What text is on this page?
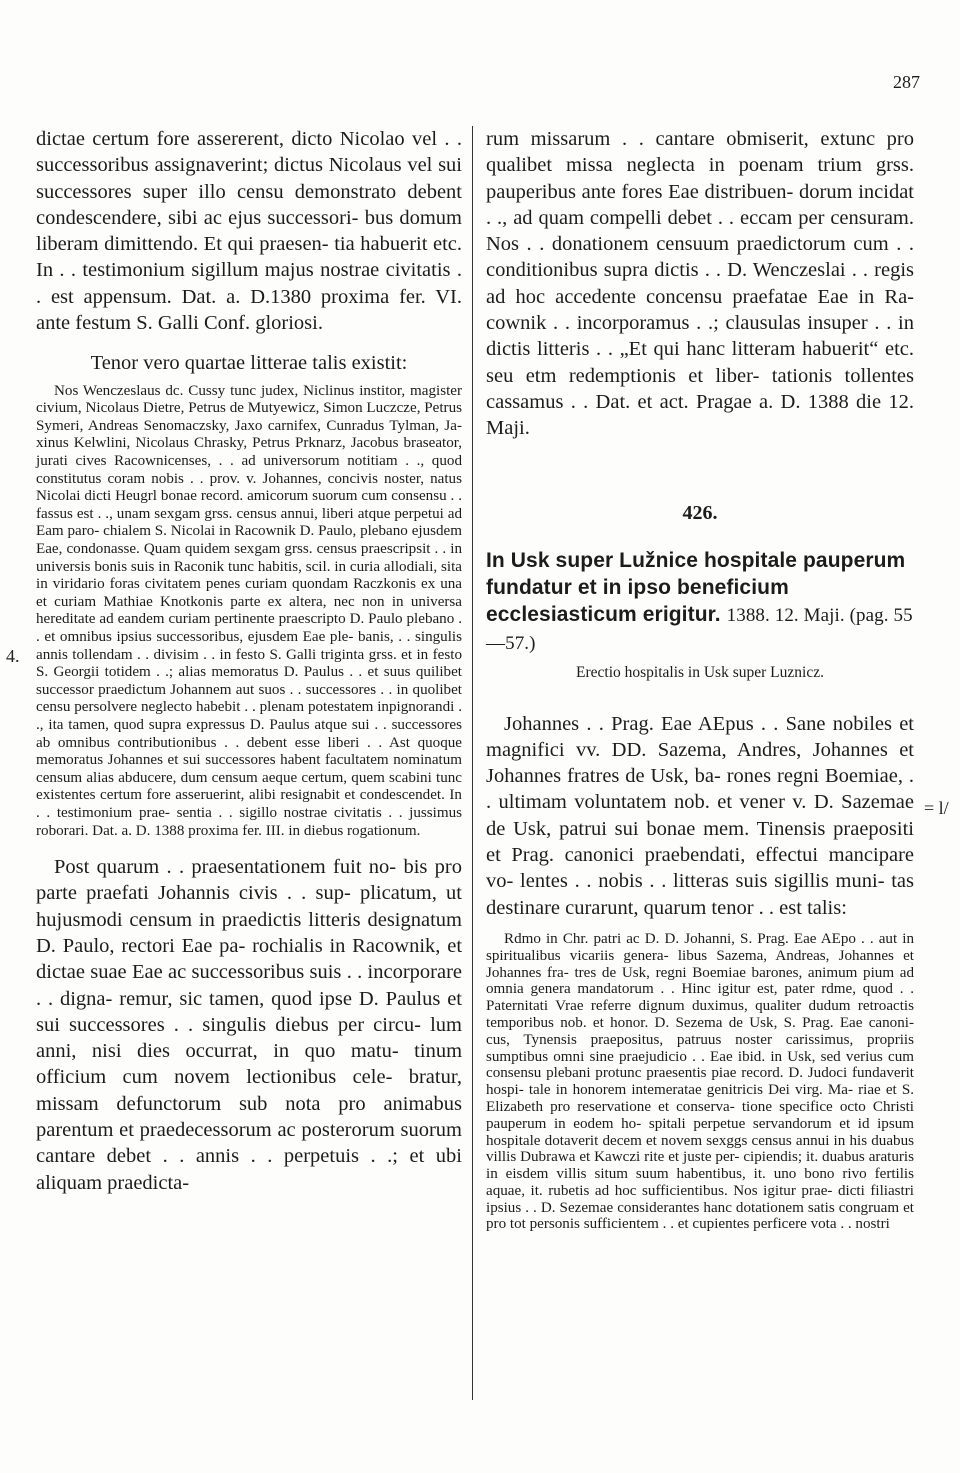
287
4.
= l/
dictae certum fore assererent, dicto Nicolao vel . . successoribus assignaverint; dictus Nicolaus vel sui successores super illo censu demonstrato debent condescendere, sibi ac ejus successori- bus domum liberam dimittendo. Et qui praesen- tia habuerit etc. In . . testimonium sigillum majus nostrae civitatis . . est appensum. Dat. a. D.1380 proxima fer. VI. ante festum S. Galli Conf. gloriosi.
Tenor vero quartae litterae talis existit:
Nos Wenczeslaus dc. Cussy tunc judex, Niclinus institor, magister civium, Nicolaus Dietre, Petrus de Mutyewicz, Simon Luczcze, Petrus Symeri, Andreas Senomaczsky, Jaxo carnifex, Cunradus Tylman, Ja- xinus Kelwlini, Nicolaus Chrasky, Petrus Prknarz, Jacobus braseator, jurati cives Racownicenses, . . ad universorum notitiam . ., quod constitutus coram nobis . . prov. v. Johannes, concivis noster, natus Nicolai dicti Heugrl bonae record. amicorum suorum cum consensu . . fassus est . ., unam sexgam grss. census annui, liberi atque perpetui ad Eam paro- chialem S. Nicolai in Racownik D. Paulo, plebano ejusdem Eae, condonasse. Quam quidem sexgam grss. census praescripsit . . in universis bonis suis in Raconik tunc habitis, scil. in curia allodiali, sita in viridario foras civitatem penes curiam quondam Raczkonis ex una et curiam Mathiae Knotkonis parte ex altera, nec non in universa hereditate ad eandem curiam pertinente praescripto D. Paulo plebano . . et omnibus ipsius successoribus, ejusdem Eae ple- banis, . . singulis annis tollendam . . divisim . . in festo S. Galli triginta grss. et in festo S. Georgii totidem . .; alias memoratus D. Paulus . . et suus quilibet successor praedictum Johannem aut suos . . successores . . in quolibet censu persolvere neglecto habebit . . plenam potestatem inpignorandi . ., ita tamen, quod supra expressus D. Paulus atque sui . . successores ab omnibus contributionibus . . debent esse liberi . . Ast quoque memoratus Johannes et sui successores habent facultatem nominatum censum alias abducere, dum censum aeque certum, quem scabini tunc existentes certum fore asseruerint, alibi resignabit et condescendet. In . . testimonium prae- sentia . . sigillo nostrae civitatis . . jussimus roborari. Dat. a. D. 1388 proxima fer. III. in diebus rogationum.
Post quarum . . praesentationem fuit no- bis pro parte praefati Johannis civis . . sup- plicatum, ut hujusmodi censum in praedictis litteris designatum D. Paulo, rectori Eae pa- rochialis in Racownik, et dictae suae Eae ac successoribus suis . . incorporare . . digna- remur, sic tamen, quod ipse D. Paulus et sui successores . . singulis diebus per circu- lum anni, nisi dies occurrat, in quo matu- tinum officium cum novem lectionibus cele- bratur, missam defunctorum sub nota pro animabus parentum et praedecessorum ac posterorum suorum cantare debet . . annis . . perpetuis . .; et ubi aliquam praedicta-
rum missarum . . cantare obmiserit, extunc pro qualibet missa neglecta in poenam trium grss. pauperibus ante fores Eae distribuen- dorum incidat . ., ad quam compelli debet . . eccam per censuram. Nos . . donationem censuum praedictorum cum . . conditionibus supra dictis . . D. Wenczeslai . . regis ad hoc accedente concensu praefatae Eae in Ra- cownik . . incorporamus . .; clausulas insuper . . in dictis litteris . . „Et qui hanc litteram habuerit“ etc. seu etm redemptionis et liber- tationis tollentes cassamus . . Dat. et act. Pragae a. D. 1388 die 12. Maji.
426.
In Usk super Lužnice hospitale pauperum fundatur et in ipso beneficium ecclesiasticum erigitur. 1388. 12. Maji. (pag. 55—57.)
Erectio hospitalis in Usk super Luznicz.
Johannes . . Prag. Eae AEpus . . Sane nobiles et magnifici vv. DD. Sazema, Andres, Johannes et Johannes fratres de Usk, ba- rones regni Boemiae, . . ultimam voluntatem nob. et vener v. D. Sazemae de Usk, patrui sui bonae mem. Tinensis praepositi et Prag. canonici praebendati, effectui mancipare vo- lentes . . nobis . . litteras suis sigillis muni- tas destinare curarunt, quarum tenor . . est talis:
Rdmo in Chr. patri ac D. D. Johanni, S. Prag. Eae AEpo . . aut in spiritualibus vicariis genera- libus Sazema, Andreas, Johannes et Johannes fra- tres de Usk, regni Boemiae barones, animum pium ad omnia genera mandatorum . . Hinc igitur est, pater rdme, quod . . Paternitati Vrae referre dignum duximus, qualiter dudum retroactis temporibus nob. et honor. D. Sezema de Usk, S. Prag. Eae canoni- cus, Tynensis praepositus, patruus noster carissimus, propriis sumptibus omni sine praejudicio . . Eae ibid. in Usk, sed verius cum consensu plebani protunc praesentis piae record. D. Judoci fundaverit hospi- tale in honorem intemeratae genitricis Dei virg. Ma- riae et S. Elizabeth pro reservatione et conserva- tione specifice octo Christi pauperum in eodem ho- spitali perpetue servandorum et id ipsum hospitale dotaverit decem et novem sexggs census annui in his duabus villis Dubrawa et Kawczi rite et juste per- cipiendis; it. duabus araturis in eisdem villis situm suum habentibus, it. uno bono rivo fertilis aquae, it. rubetis ad hoc sufficientibus. Nos igitur prae- dicti filiastri ipsius . . D. Sezemae considerantes hanc dotationem satis congruam et pro tot personis sufficientem . . et cupientes perficere vota . . nostri
